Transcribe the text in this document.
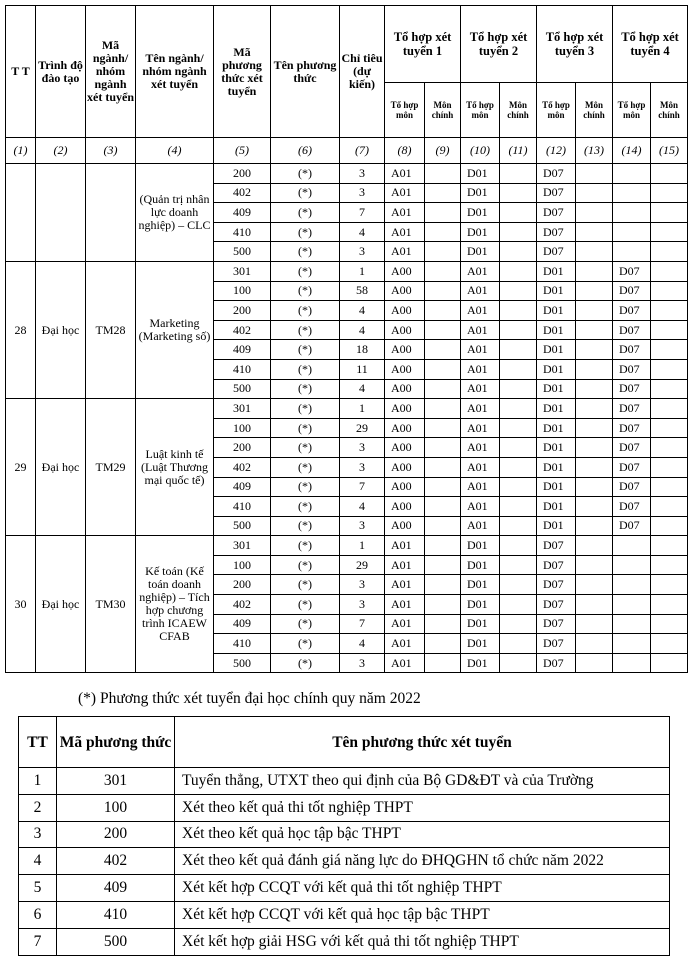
T T	Trình độ đào tạo	Mã ngành/ nhóm ngành xét tuyển	Tên ngành/ nhóm ngành xét tuyển	Mã phương thức xét tuyển	Tên phương thức	Chỉ tiêu (dự kiến)	Tổ hợp xét tuyển 1		Tổ hợp xét tuyển 2		Tổ hợp xét tuyển 3		Tổ hợp xét tuyển 4	
							Tổ hợp môn	Môn chính	Tổ hợp môn	Môn chính	Tổ hợp môn	Môn chính	Tổ hợp môn	Môn chính
(1)	(2)	(3)	(4)	(5)	(6)	(7)	(8)	(9)	(10)	(11)	(12)	(13)	(14)	(15)
			(Quản trị nhân lực doanh nghiệp) – CLC	200	(*)	3	A01		D01		D07			
				402	(*)	3	A01		D01		D07			
				409	(*)	7	A01		D01		D07			
				410	(*)	4	A01		D01		D07			
				500	(*)	3	A01		D01		D07			
28	Đại học	TM28	Marketing (Marketing số)	301	(*)	1	A00		A01		D01		D07	
				100	(*)	58	A00		A01		D01		D07	
				200	(*)	4	A00		A01		D01		D07	
				402	(*)	4	A00		A01		D01		D07	
				409	(*)	18	A00		A01		D01		D07	
				410	(*)	11	A00		A01		D01		D07	
				500	(*)	4	A00		A01		D01		D07	
29	Đại học	TM29	Luật kinh tế (Luật Thương mại quốc tế)	301	(*)	1	A00		A01		D01		D07	
				100	(*)	29	A00		A01		D01		D07	
				200	(*)	3	A00		A01		D01		D07	
				402	(*)	3	A00		A01		D01		D07	
				409	(*)	7	A00		A01		D01		D07	
				410	(*)	4	A00		A01		D01		D07	
				500	(*)	3	A00		A01		D01		D07	
30	Đại học	TM30	Kế toán (Kế toán doanh nghiệp) – Tích hợp chương trình ICAEW CFAB	301	(*)	1	A01		D01		D07			
				100	(*)	29	A01		D01		D07			
				200	(*)	3	A01		D01		D07			
				402	(*)	3	A01		D01		D07			
				409	(*)	7	A01		D01		D07			
				410	(*)	4	A01		D01		D07			
				500	(*)	3	A01		D01		D07			
(*) Phương thức xét tuyển đại học chính quy năm 2022
TT	Mã phương thức	Tên phương thức xét tuyển
1	301	Tuyển thẳng, UTXT theo qui định của Bộ GD&ĐT và của Trường
2	100	Xét theo kết quả thi tốt nghiệp THPT
3	200	Xét theo kết quả học tập bậc THPT
4	402	Xét theo kết quả đánh giá năng lực do ĐHQGHN tổ chức năm 2022
5	409	Xét kết hợp CCQT với kết quả thi tốt nghiệp THPT
6	410	Xét kết hợp CCQT với kết quả học tập bậc THPT
7	500	Xét kết hợp giải HSG với kết quả thi tốt nghiệp THPT
